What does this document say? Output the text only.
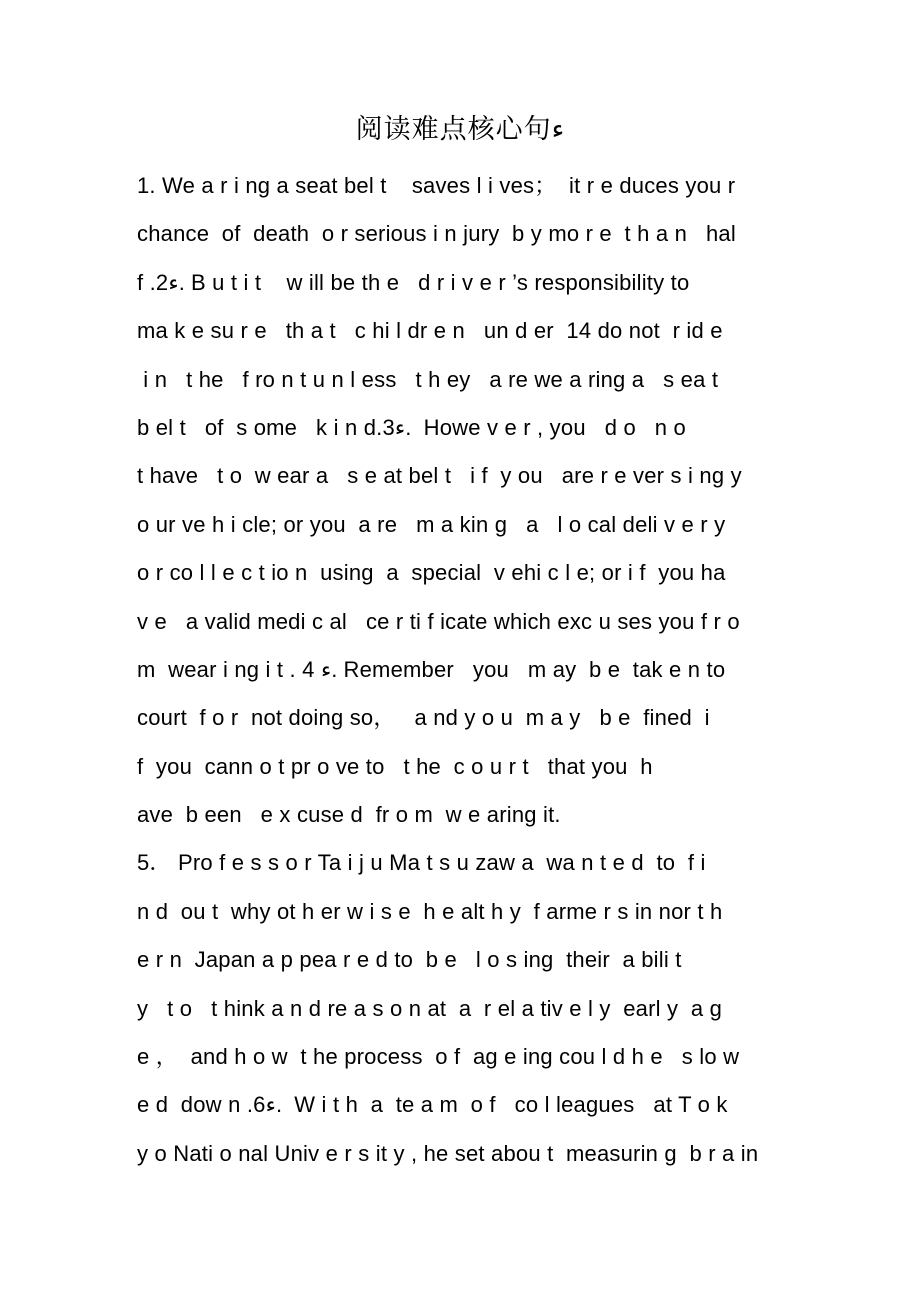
阅读难点核心句ء
1. We a r i ng a seat bel t    saves l i ves；  it r e duces you r
chance  of  death  o r serious i n jury  b y mo r e  t h a n   hal
f .2ء. B u t i t    w ill be th e   d r i v e r ’s responsibility to
ma k e su r e   th a t   c hi l dr e n   un d er  14 do not  r id e
i n   t he   f ro n t u n l ess   t h ey   a re we a ring a   s ea t
b el t   of  s ome   k i n d.3ء.  Howe v e r , you   d o   n o
t have   t o  w ear a   s e at bel t   i f  y ou   are r e ver s i ng y
o ur ve h i cle; or you  a re   m a kin g   a   l o cal deli v e r y
o r co l l e c t io n  using  a  special  v ehi c l e; or i f  you ha
v e   a valid medi c al   ce r ti f icate which exc u ses you f r o
m  wear i ng i t . 4 ء. Remember   you   m ay  b e  tak e n to
court  f o r  not doing so，   a nd y o u  m a y   b e  fined  i
f  you  cann o t pr o ve to   t he  c o u r t   that you  h
ave  b een   e x cuse d  fr o m  w e aring it.
5． Pro f e s s o r Ta i j u Ma t s u zaw a  wa n t e d  to  f i
n d  ou t  why ot h er w i s e  h e alt h y  f arme r s in nor t h
e r n  Japan a p pea r e d to  b e   l o s ing  their  a bili t
y   t o   t hink a n d re a s o n at  a  r el a tiv e l y  earl y  a g
e ，  and h o w  t he process  o f  ag e ing cou l d h e   s lo w
e d  dow n .6ء.  W i t h  a  te a m  o f   co l leagues   at T o k
y o Nati o nal Univ e r s it y , he set abou t  measurin g  b r a in
